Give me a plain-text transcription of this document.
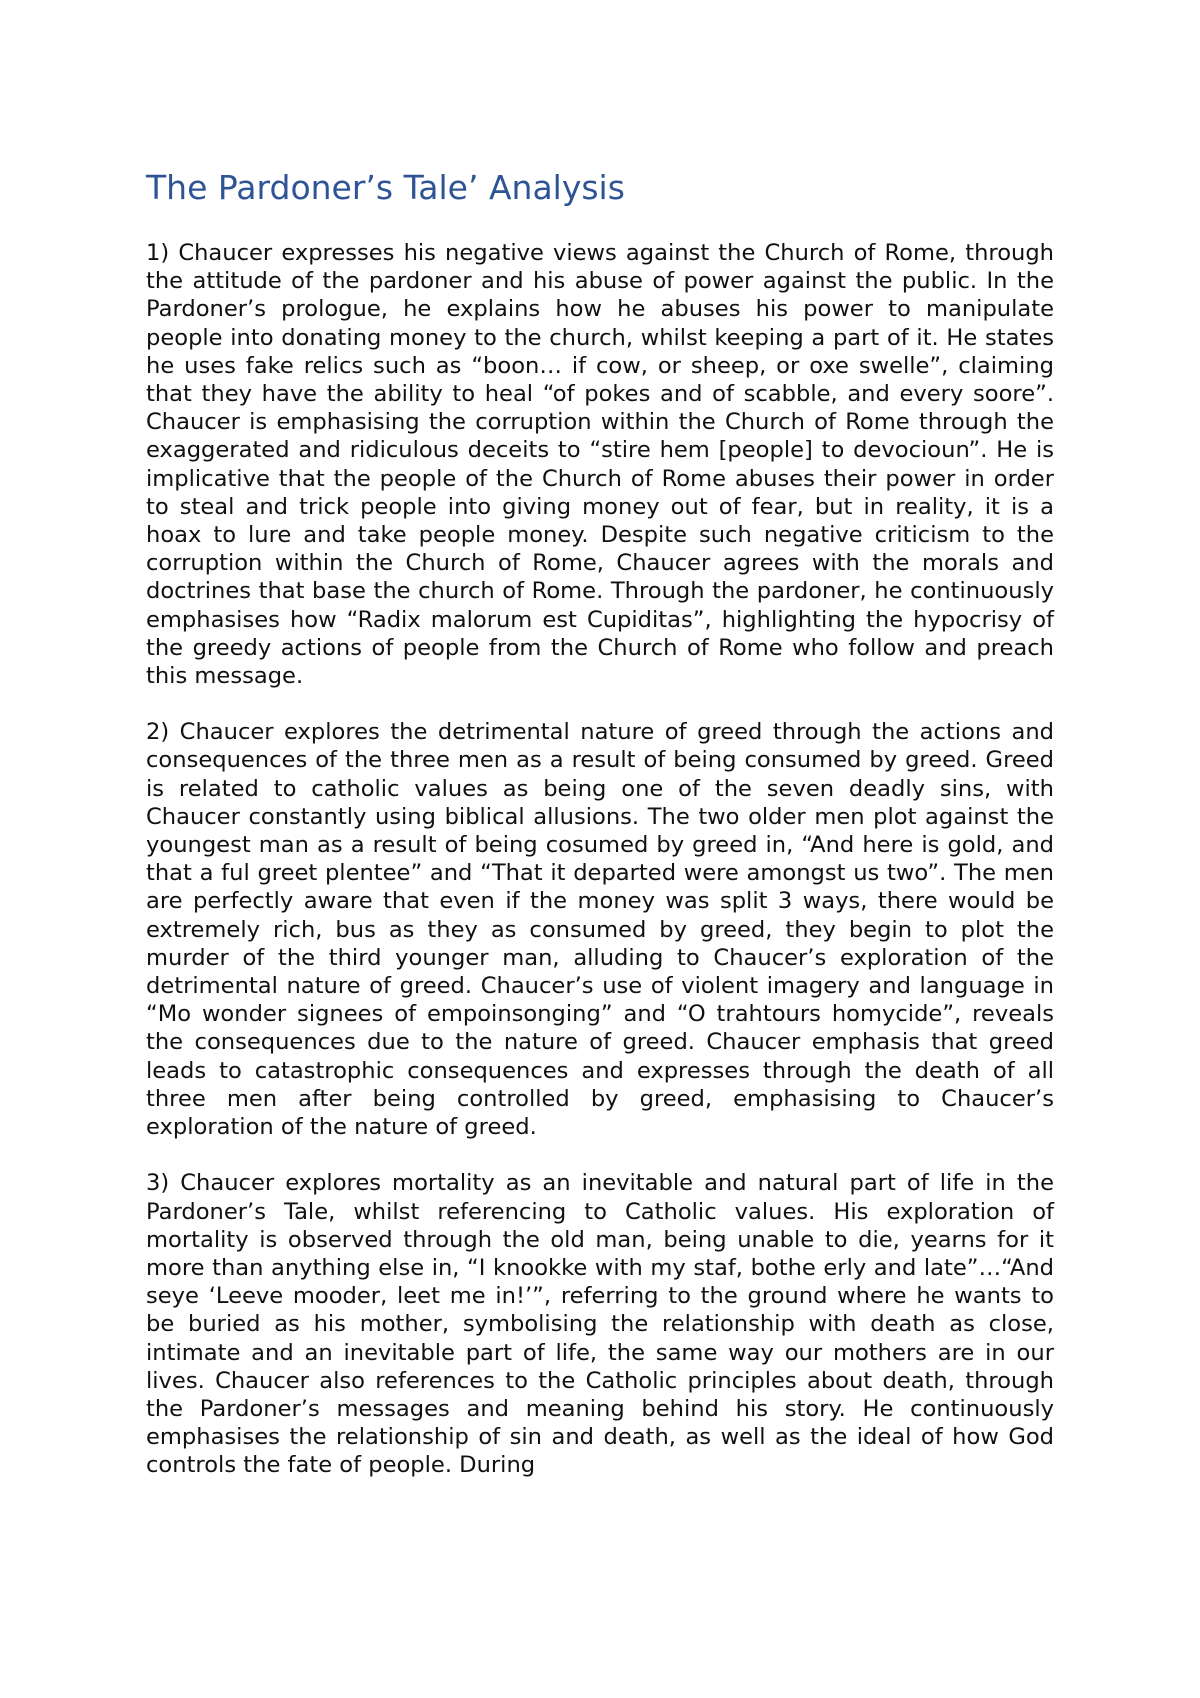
The Pardoner’s Tale’ Analysis

1) Chaucer expresses his negative views against the Church of Rome, through the attitude of the pardoner and his abuse of power against the public. In the Pardoner’s prologue, he explains how he abuses his power to manipulate people into donating money to the church, whilst keeping a part of it. He states he uses fake relics such as “boon… if cow, or sheep, or oxe swelle”, claiming that they have the ability to heal “of pokes and of scabble, and every soore”. Chaucer is emphasising the corruption within the Church of Rome through the exaggerated and ridiculous deceits to “stire hem [people] to devocioun”. He is implicative that the people of the Church of Rome abuses their power in order to steal and trick people into giving money out of fear, but in reality, it is a hoax to lure and take people money. Despite such negative criticism to the corruption within the Church of Rome, Chaucer agrees with the morals and doctrines that base the church of Rome. Through the pardoner, he continuously emphasises how “Radix malorum est Cupiditas”, highlighting the hypocrisy of the greedy actions of people from the Church of Rome who follow and preach this message.

2) Chaucer explores the detrimental nature of greed through the actions and consequences of the three men as a result of being consumed by greed. Greed is related to catholic values as being one of the seven deadly sins, with Chaucer constantly using biblical allusions. The two older men plot against the youngest man as a result of being cosumed by greed in, “And here is gold, and that a ful greet plentee” and “That it departed were amongst us two”. The men are perfectly aware that even if the money was split 3 ways, there would be extremely rich, bus as they as consumed by greed, they begin to plot the murder of the third younger man, alluding to Chaucer’s exploration of the detrimental nature of greed. Chaucer’s use of violent imagery and language in “Mo wonder signees of empoinsonging” and “O trahtours homycide”, reveals the consequences due to the nature of greed. Chaucer emphasis that greed leads to catastrophic consequences and expresses through the death of all three men after being controlled by greed, emphasising to Chaucer’s exploration of the nature of greed.

3) Chaucer explores mortality as an inevitable and natural part of life in the Pardoner’s Tale, whilst referencing to Catholic values. His exploration of mortality is observed through the old man, being unable to die, yearns for it more than anything else in, “I knookke with my staf, bothe erly and late”…“And seye ‘Leeve mooder, leet me in!’”, referring to the ground where he wants to be buried as his mother, symbolising the relationship with death as close, intimate and an inevitable part of life, the same way our mothers are in our lives. Chaucer also references to the Catholic principles about death, through the Pardoner’s messages and meaning behind his story. He continuously emphasises the relationship of sin and death, as well as the ideal of how God controls the fate of people. During
